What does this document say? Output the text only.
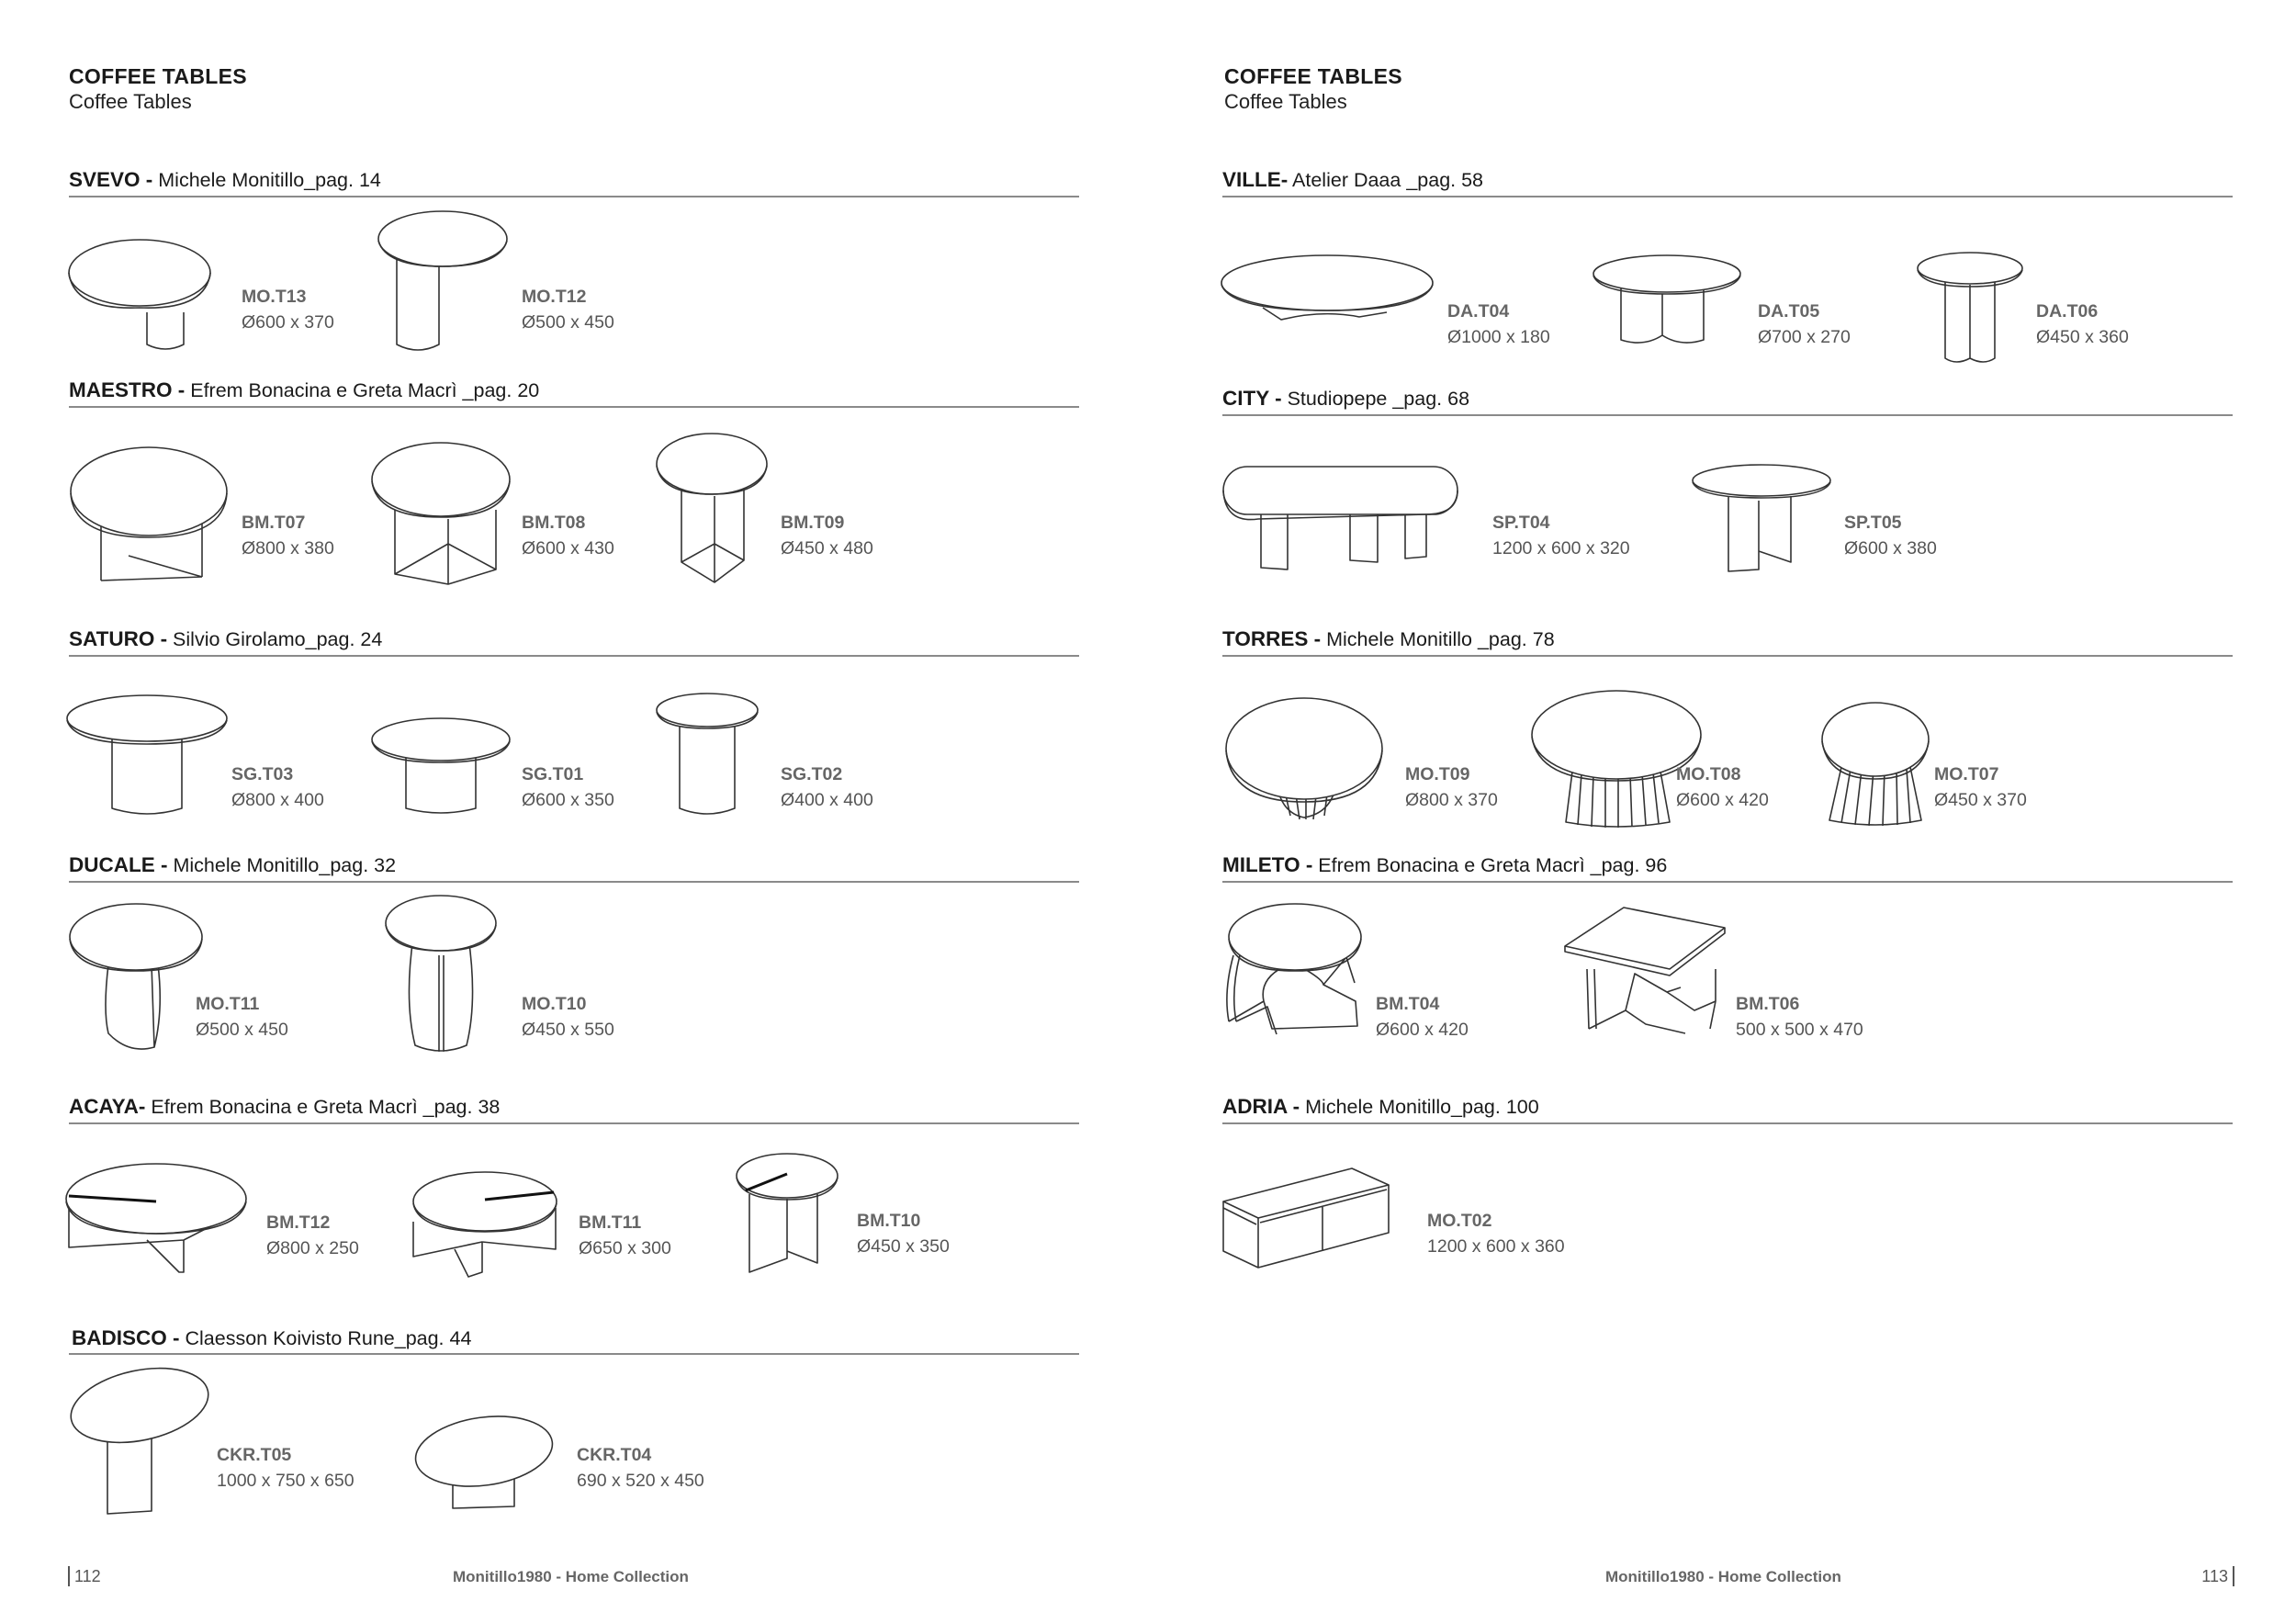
COFFEE TABLES
Coffee Tables
SVEVO - Michele Monitillo_pag. 14
MO.T13
Ø600 x 370
MO.T12
Ø500 x 450
MAESTRO - Efrem Bonacina e Greta Macrì _pag. 20
BM.T07
Ø800 x 380
BM.T08
Ø600 x 430
BM.T09
Ø450 x 480
SATURO - Silvio Girolamo_pag. 24
SG.T03
Ø800 x 400
SG.T01
Ø600 x 350
SG.T02
Ø400 x 400
DUCALE - Michele Monitillo_pag. 32
MO.T11
Ø500 x 450
MO.T10
Ø450 x 550
ACAYA- Efrem Bonacina e Greta Macrì _pag. 38
BM.T12
Ø800 x 250
BM.T11
Ø650 x 300
BM.T10
Ø450 x 350
BADISCO - Claesson Koivisto Rune_pag. 44
CKR.T05
1000 x 750 x 650
CKR.T04
690 x 520 x 450
112	Monitillo1980 - Home Collection
COFFEE TABLES
Coffee Tables
VILLE- Atelier Daaa _pag. 58
DA.T04
Ø1000 x 180
DA.T05
Ø700 x 270
DA.T06
Ø450 x 360
CITY - Studiopepe _pag. 68
SP.T04
1200 x 600 x 320
SP.T05
Ø600 x 380
TORRES - Michele Monitillo _pag. 78
MO.T09
Ø800 x 370
MO.T08
Ø600 x 420
MO.T07
Ø450 x 370
MILETO - Efrem Bonacina e Greta Macrì _pag. 96
BM.T04
Ø600 x 420
BM.T06
500 x 500 x 470
ADRIA - Michele Monitillo_pag. 100
MO.T02
1200 x 600 x 360
Monitillo1980 - Home Collection	113
